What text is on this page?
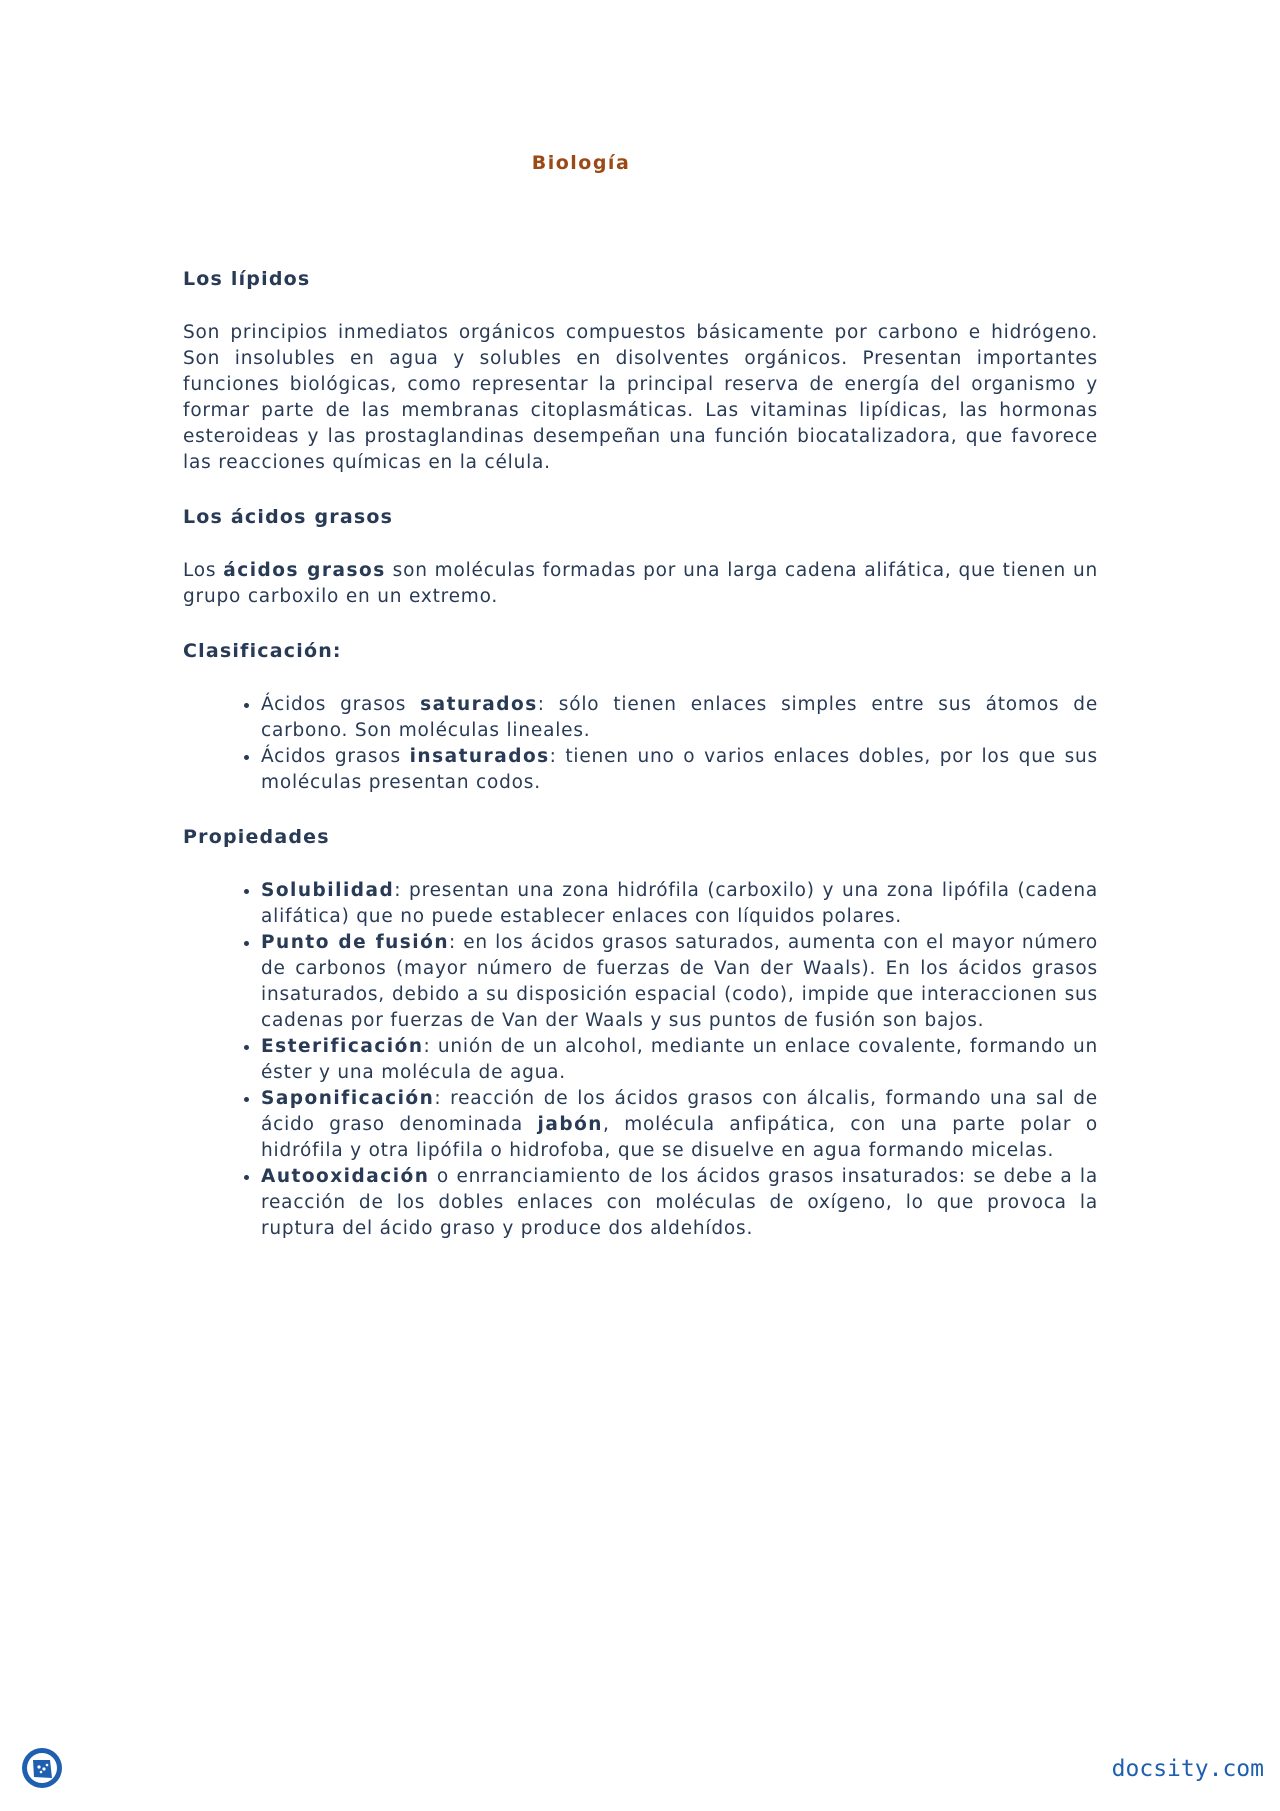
Biología
Los lípidos

Son principios inmediatos orgánicos compuestos básicamente por carbono e hidrógeno. Son insolubles en agua y solubles en disolventes orgánicos. Presentan importantes funciones biológicas, como representar la principal reserva de energía del organismo y formar parte de las membranas citoplasmáticas. Las vitaminas lipídicas, las hormonas esteroideas y las prostaglandinas desempeñan una función biocatalizadora, que favorece las reacciones químicas en la célula.

Los ácidos grasos

Los ácidos grasos son moléculas formadas por una larga cadena alifática, que tienen un grupo carboxilo en un extremo.

Clasificación:
• Ácidos grasos saturados: sólo tienen enlaces simples entre sus átomos de carbono. Son moléculas lineales.
• Ácidos grasos insaturados: tienen uno o varios enlaces dobles, por los que sus moléculas presentan codos.
Propiedades
• Solubilidad: presentan una zona hidrófila (carboxilo) y una zona lipófila (cadena alifática) que no puede establecer enlaces con líquidos polares.
• Punto de fusión: en los ácidos grasos saturados, aumenta con el mayor número de carbonos (mayor número de fuerzas de Van der Waals). En los ácidos grasos insaturados, debido a su disposición espacial (codo), impide que interaccionen sus cadenas por fuerzas de Van der Waals y sus puntos de fusión son bajos.
• Esterificación: unión de un alcohol, mediante un enlace covalente, formando un éster y una molécula de agua.
• Saponificación: reacción de los ácidos grasos con álcalis, formando una sal de ácido graso denominada jabón, molécula anfipática, con una parte polar o hidrófila y otra lipófila o hidrofoba, que se disuelve en agua formando micelas.
• Autooxidación o enrranciamiento de los ácidos grasos insaturados: se debe a la reacción de los dobles enlaces con moléculas de oxígeno, lo que provoca la ruptura del ácido graso y produce dos aldehídos.
docsity.com
